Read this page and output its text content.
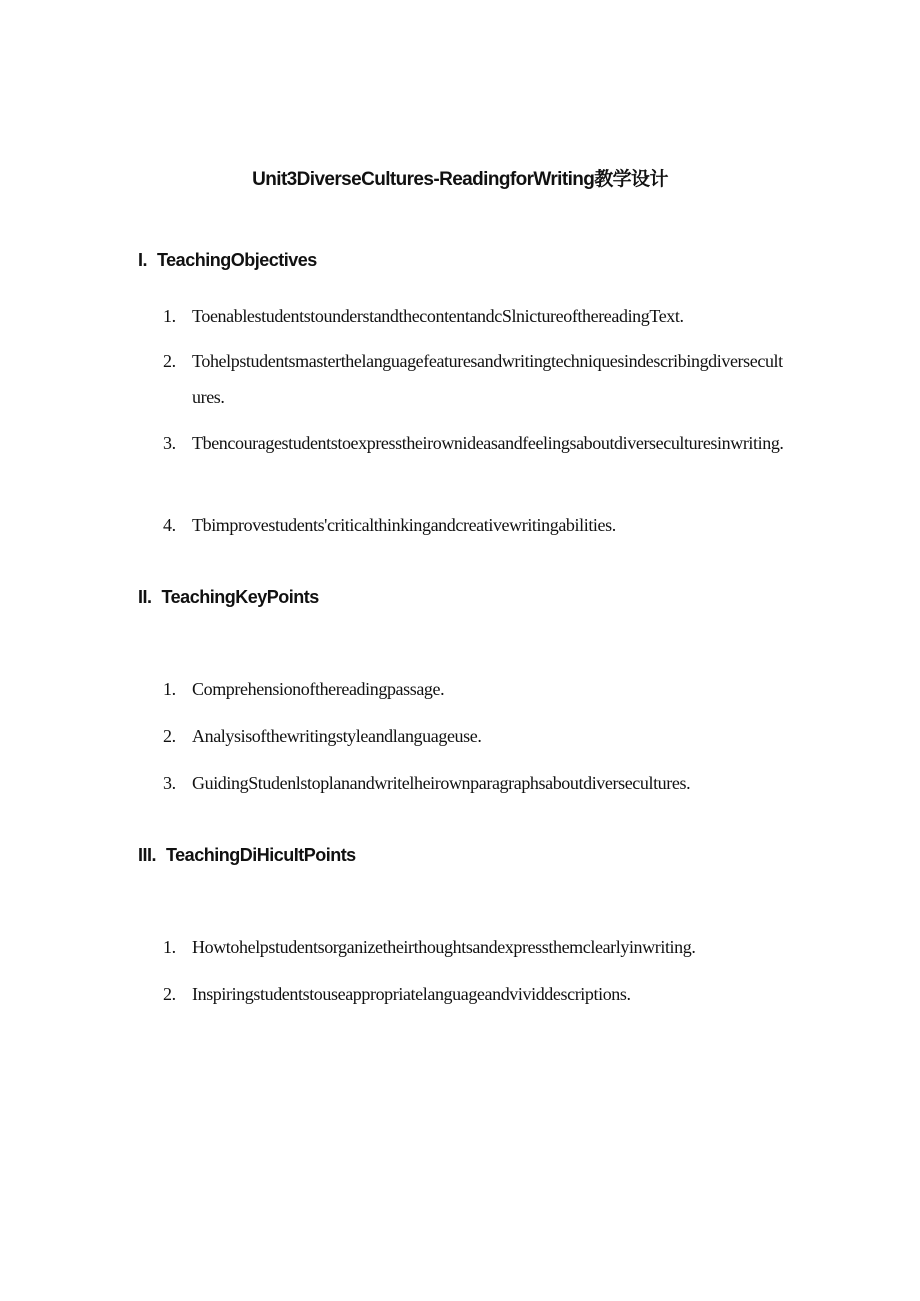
Unit3DiverseCultures-ReadingforWriting教学设计
I. TeachingObjectives
1. ToenablestudentstounderstandthecontentandcSlnictureofthereadingText.
2. Tohelpstudentsmasterthelanguagefeaturesandwritingtechniquesindescribingdiversecultures.
3. Tbencouragestudentstoexpresstheirownideasandfeelingsaboutdiverseculturesinwriting.
4. Tbimprovestudents'criticalthinkingandcreativewritingabilities.
II. TeachingKeyPoints
1. Comprehensionofthereadingpassage.
2. Analysisofthewritingstyleandlanguageuse.
3. GuidingStudenlstoplanandwritelheirownparagraphsaboutdiversecultures.
III. TeachingDiHicuItPoints
1. Howtohelpstudentsorganizetheirthoughtsandexpressthemclearlyinwriting.
2. Inspiringstudentstouseappropriatelanguageandvividdescriptions.
